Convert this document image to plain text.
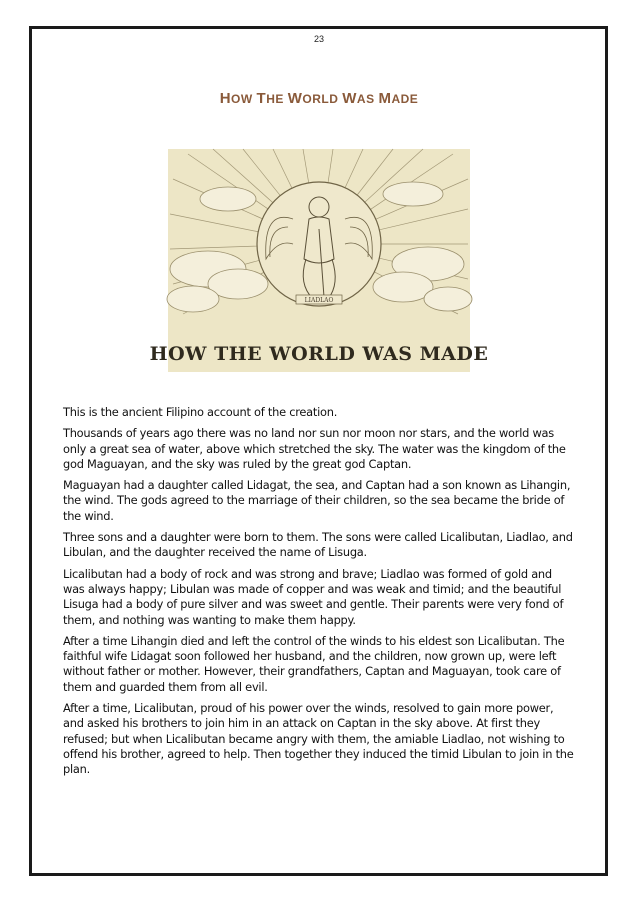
23
HOW THE WORLD WAS MADE
LIADLAO
HOW THE WORLD WAS MADE

This is the ancient Filipino account of the creation.

Thousands of years ago there was no land nor sun nor moon nor stars, and the world was only a great sea of water, above which stretched the sky. The water was the kingdom of the god Maguayan, and the sky was ruled by the great god Captan.

Maguayan had a daughter called Lidagat, the sea, and Captan had a son known as Lihangin, the wind. The gods agreed to the marriage of their children, so the sea became the bride of the wind.

Three sons and a daughter were born to them. The sons were called Licalibutan, Liadlao, and Libulan, and the daughter received the name of Lisuga.

Licalibutan had a body of rock and was strong and brave; Liadlao was formed of gold and was always happy; Libulan was made of copper and was weak and timid; and the beautiful Lisuga had a body of pure silver and was sweet and gentle. Their parents were very fond of them, and nothing was wanting to make them happy.

After a time Lihangin died and left the control of the winds to his eldest son Licalibutan. The faithful wife Lidagat soon followed her husband, and the children, now grown up, were left without father or mother. However, their grandfathers, Captan and Maguayan, took care of them and guarded them from all evil.

After a time, Licalibutan, proud of his power over the winds, resolved to gain more power, and asked his brothers to join him in an attack on Captan in the sky above. At first they refused; but when Licalibutan became angry with them, the amiable Liadlao, not wishing to offend his brother, agreed to help. Then together they induced the timid Libulan to join in the plan.
